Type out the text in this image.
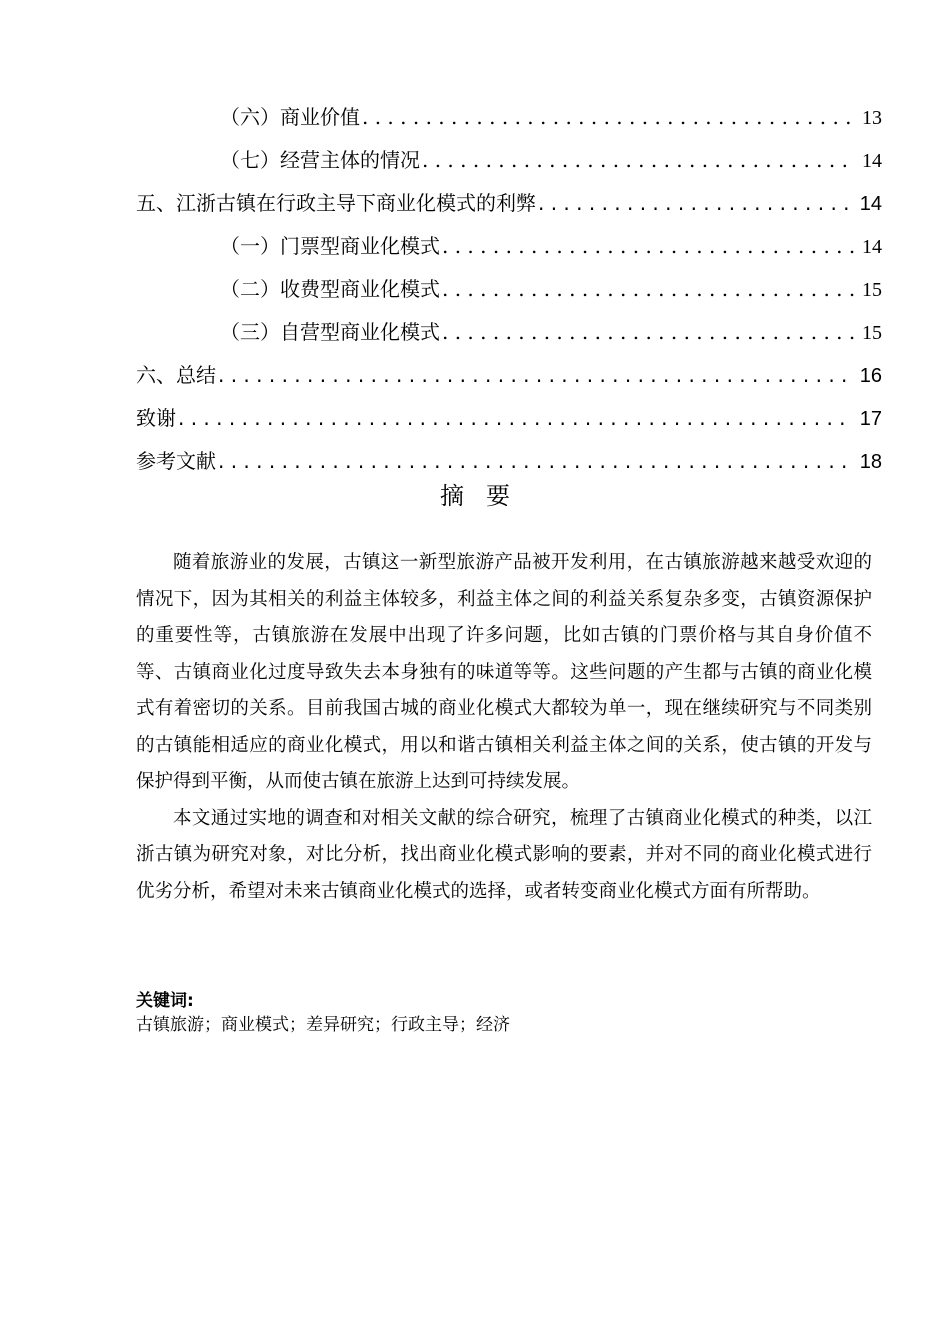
（六）商业价值 . . .	13
（七）经营主体的情况 . . .	14
五、江浙古镇在行政主导下商业化模式的利弊 . . .	14
（一）门票型商业化模式 . . .	14
（二）收费型商业化模式 . . .	15
（三）自营型商业化模式 . . .	15
六、总结 . . .	16
致谢 . . .	17
参考文献 . . .	18
摘要

随着旅游业的发展，古镇这一新型旅游产品被开发利用，在古镇旅游越来越受欢迎的情况下，因为其相关的利益主体较多，利益主体之间的利益关系复杂多变，古镇资源保护的重要性等，古镇旅游在发展中出现了许多问题，比如古镇的门票价格与其自身价值不等、古镇商业化过度导致失去本身独有的味道等等。这些问题的产生都与古镇的商业化模式有着密切的关系。目前我国古城的商业化模式大都较为单一，现在继续研究与不同类别的古镇能相适应的商业化模式，用以和谐古镇相关利益主体之间的关系，使古镇的开发与保护得到平衡，从而使古镇在旅游上达到可持续发展。

本文通过实地的调查和对相关文献的综合研究，梳理了古镇商业化模式的种类，以江浙古镇为研究对象，对比分析，找出商业化模式影响的要素，并对不同的商业化模式进行优劣分析，希望对未来古镇商业化模式的选择，或者转变商业化模式方面有所帮助。

关键词:
古镇旅游；商业模式；差异研究；行政主导；经济
